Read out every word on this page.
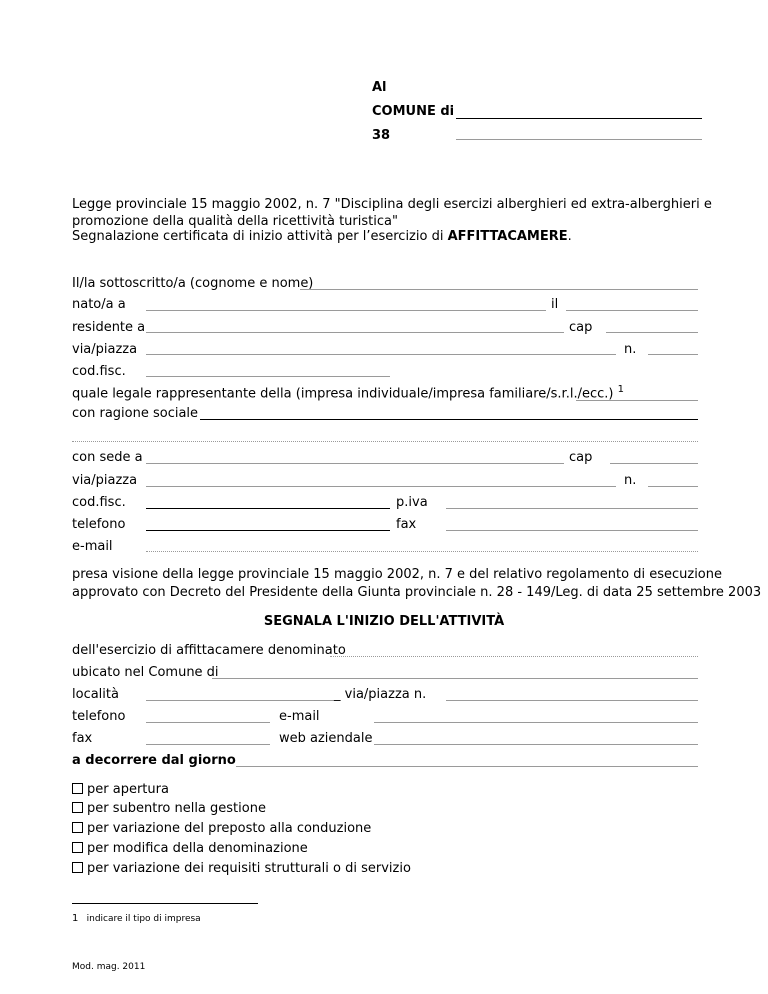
Al
COMUNE di
38
Legge provinciale 15 maggio 2002, n. 7 "Disciplina degli esercizi alberghieri ed extra-alberghieri e
promozione della qualità della ricettività turistica"
Segnalazione certificata di inizio attività per l’esercizio di AFFITTACAMERE.
Il/la sottoscritto/a (cognome e nome)
nato/a a	il
residente a	cap
via/piazza	n.
cod.fisc.
quale legale rappresentante della (impresa individuale/impresa familiare/s.r.l./ecc.) $^1$
con ragione sociale
con sede a	cap
via/piazza	n.
cod.fisc.	p.iva
telefono	fax
e-mail
presa visione della legge provinciale 15 maggio 2002, n. 7 e del relativo regolamento di esecuzione
approvato con Decreto del Presidente della Giunta provinciale n. 28 - 149/Leg. di data 25 settembre 2003
SEGNALA L'INIZIO DELL'ATTIVITÀ
dell'esercizio di affittacamere denominato
ubicato nel Comune di
località	_ via/piazza n.
telefono	e-mail
fax	web aziendale
a decorrere dal giorno
per apertura
per subentro nella gestione
per variazione del preposto alla conduzione
per modifica della denominazione
per variazione dei requisiti strutturali o di servizio
1 indicare il tipo di impresa
Mod. mag. 2011
